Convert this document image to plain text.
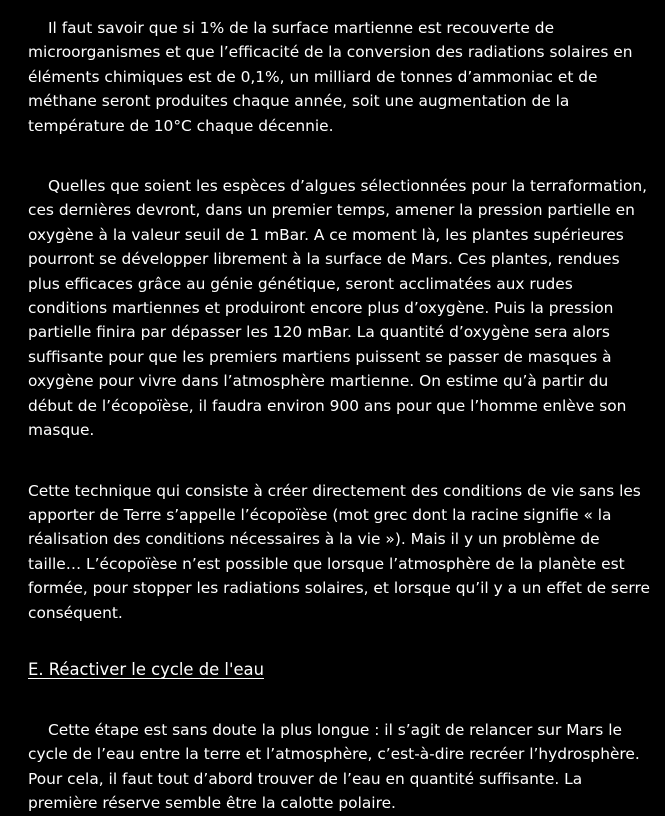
Il faut savoir que si 1% de la surface martienne est recouverte de microorganismes et que l’efficacité de la conversion des radiations solaires en éléments chimiques est de 0,1%, un milliard de tonnes d’ammoniac et de méthane seront produites chaque année, soit une augmentation de la température de 10°C chaque décennie.

Quelles que soient les espèces d’algues sélectionnées pour la terraformation, ces dernières devront, dans un premier temps, amener la pression partielle en oxygène à la valeur seuil de 1 mBar. A ce moment là, les plantes supérieures pourront se développer librement à la surface de Mars. Ces plantes, rendues plus efficaces grâce au génie génétique, seront acclimatées aux rudes conditions martiennes et produiront encore plus d’oxygène. Puis la pression partielle finira par dépasser les 120 mBar. La quantité d’oxygène sera alors suffisante pour que les premiers martiens puissent se passer de masques à oxygène pour vivre dans l’atmosphère martienne. On estime qu’à partir du début de l’écopoïèse, il faudra environ 900 ans pour que l’homme enlève son masque.

Cette technique qui consiste à créer directement des conditions de vie sans les apporter de Terre s’appelle l’écopoïèse (mot grec dont la racine signifie « la réalisation des conditions nécessaires à la vie »). Mais il y un problème de taille… L’écopoïèse n’est possible que lorsque l’atmosphère de la planète est formée, pour stopper les radiations solaires, et lorsque qu’il y a un effet de serre conséquent.

E. Réactiver le cycle de l'eau

Cette étape est sans doute la plus longue : il s’agit de relancer sur Mars le cycle de l’eau entre la terre et l’atmosphère, c’est-à-dire recréer l’hydrosphère. Pour cela, il faut tout d’abord trouver de l’eau en quantité suffisante. La première réserve semble être la calotte polaire.
